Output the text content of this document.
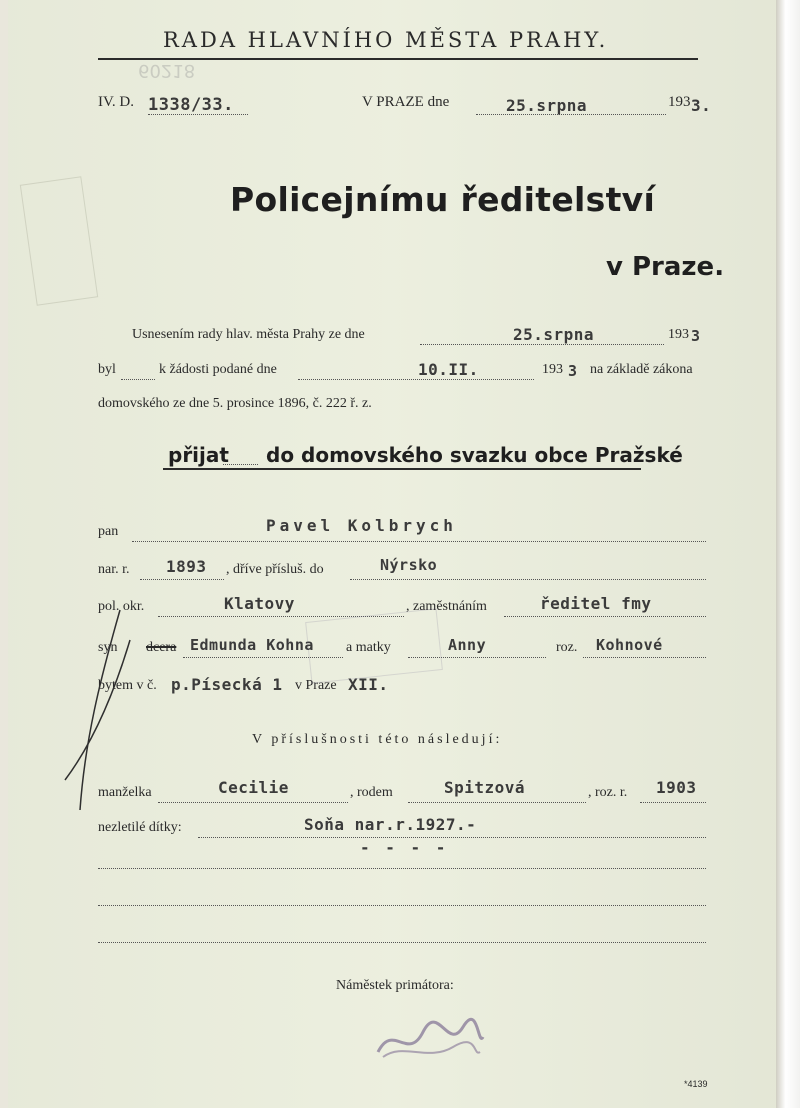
RADA HLAVNÍHO MĚSTA PRAHY.
IV. D. 1338/33.	V PRAZE dne	25.srpna	193 3.
60218
Policejnímu ředitelství
v Praze.
Usnesením rady hlav. města Prahy ze dne	25.srpna	193 3
byl	k žádosti podané dne	10.II.	193 3 na základě zákona
domovského ze dne 5. prosince 1896, č. 222 ř. z.
přijat do domovského svazku obce Pražské
pan	Pavel Kolbrych
nar. r. 1893 , dříve přísluš. do	Nýrsko
pol. okr.	Klatovy	, zaměstnáním	ředitel fmy
syn dcera Edmunda Kohna a matky	Anny	roz. Kohnové
bytem v č. p.Písecká 1 v Praze XII.
V příslušnosti této následují:
manželka	Cecilie	, rodem	Spitzová	, roz. r. 1903
nezletilé dítky:	Soňa nar.r.1927.-
- - - -
Náměstek primátora:
*4139
